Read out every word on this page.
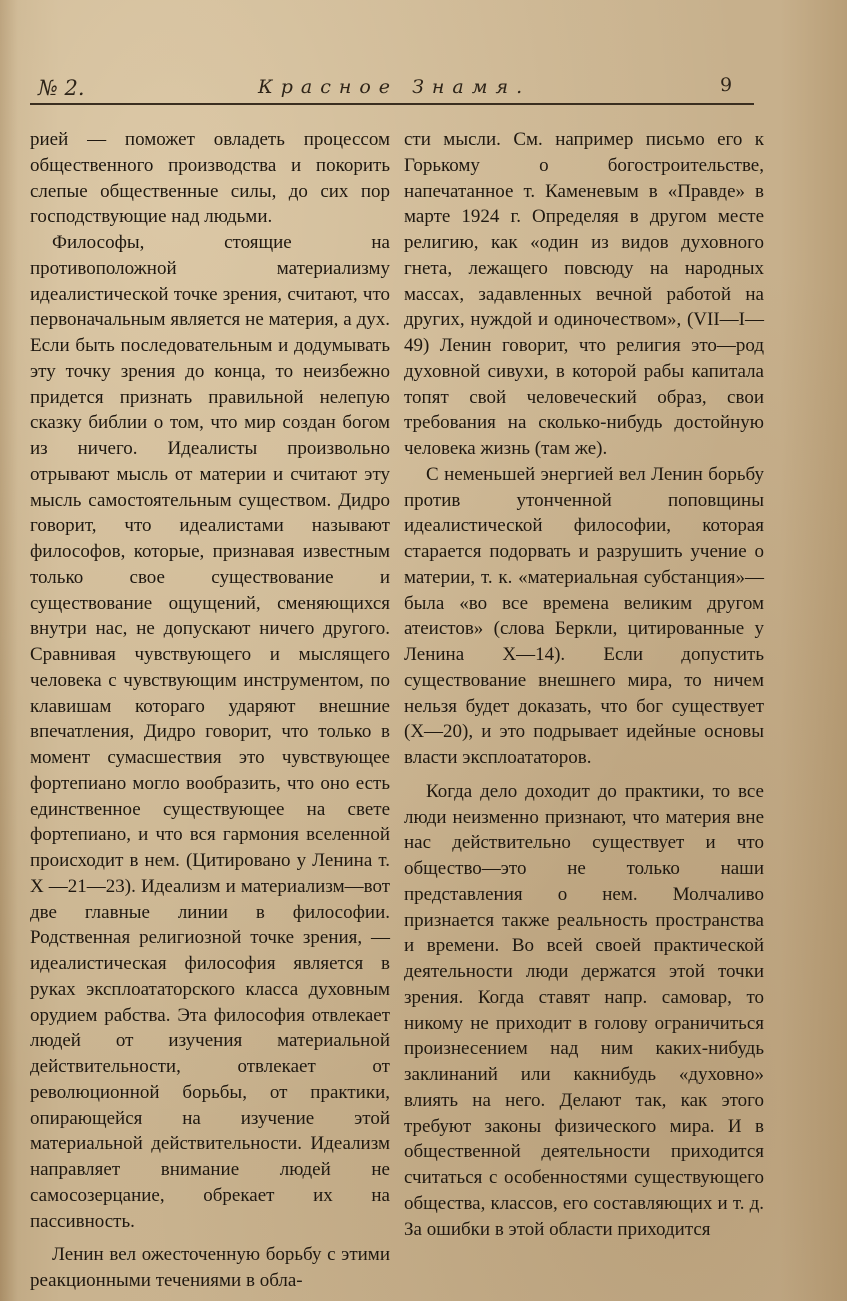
№ 2.	Красное Знамя.	9

рией — поможет овладеть процессом общественного производства и покорить слепые общественные силы, до сих пор господствующие над людьми.

Философы, стоящие на противоположной материализму идеалистической точке зрения, считают, что первоначальным является не материя, а дух. Если быть последовательным и додумывать эту точку зрения до конца, то неизбежно придется признать правильной нелепую сказку библии о том, что мир создан богом из ничего. Идеалисты произвольно отрывают мысль от материи и считают эту мысль самостоятельным существом. Дидро говорит, что идеалистами называют философов, которые, признавая известным только свое существование и существование ощущений, сменяющихся внутри нас, не допускают ничего другого. Сравнивая чувствующего и мыслящего человека с чувствующим инструментом, по клавишам котораго ударяют внешние впечатления, Дидро говорит, что только в момент сумасшествия это чувствующее фортепиано могло вообразить, что оно есть единственное существующее на свете фортепиано, и что вся гармония вселенной происходит в нем. (Цитировано у Ленина т. X —21—23). Идеализм и материализм—вот две главные линии в философии. Родственная религиозной точке зрения, — идеалистическая философия является в руках эксплоататорского класса духовным орудием рабства. Эта философия отвлекает людей от изучения материальной действительности, отвлекает от революционной борьбы, от практики, опирающейся на изучение этой материальной действительности. Идеализм направляет внимание людей не самосозерцание, обрекает их на пассивность.

Ленин вел ожесточенную борьбу с этими реакционными течениями в обла-

сти мысли. См. например письмо его к Горькому о богостроительстве, напечатанное т. Каменевым в «Правде» в марте 1924 г. Определяя в другом месте религию, как «один из видов духовного гнета, лежащего повсюду на народных массах, задавленных вечной работой на других, нуждой и одиночеством», (VII—I—49) Ленин говорит, что религия это—род духовной сивухи, в которой рабы капитала топят свой человеческий образ, свои требования на сколько-нибудь достойную человека жизнь (там же).

С неменьшей энергией вел Ленин борьбу против утонченной поповщины идеалистической философии, которая старается подорвать и разрушить учение о материи, т. к. «материальная субстанция»—была «во все времена великим другом атеистов» (слова Беркли, цитированные у Ленина X—14). Если допустить существование внешнего мира, то ничем нельзя будет доказать, что бог существует (X—20), и это подрывает идейные основы власти эксплоататоров.

Когда дело доходит до практики, то все люди неизменно признают, что материя вне нас действительно существует и что общество—это не только наши представления о нем. Молчаливо признается также реальность пространства и времени. Во всей своей практической деятельности люди держатся этой точки зрения. Когда ставят напр. самовар, то никому не приходит в голову ограничиться произнесением над ним каких-нибудь заклинаний или какнибудь «духовно» влиять на него. Делают так, как этого требуют законы физического мира. И в общественной деятельности приходится считаться с особенностями существующего общества, классов, его составляющих и т. д. За ошибки в этой области приходится
